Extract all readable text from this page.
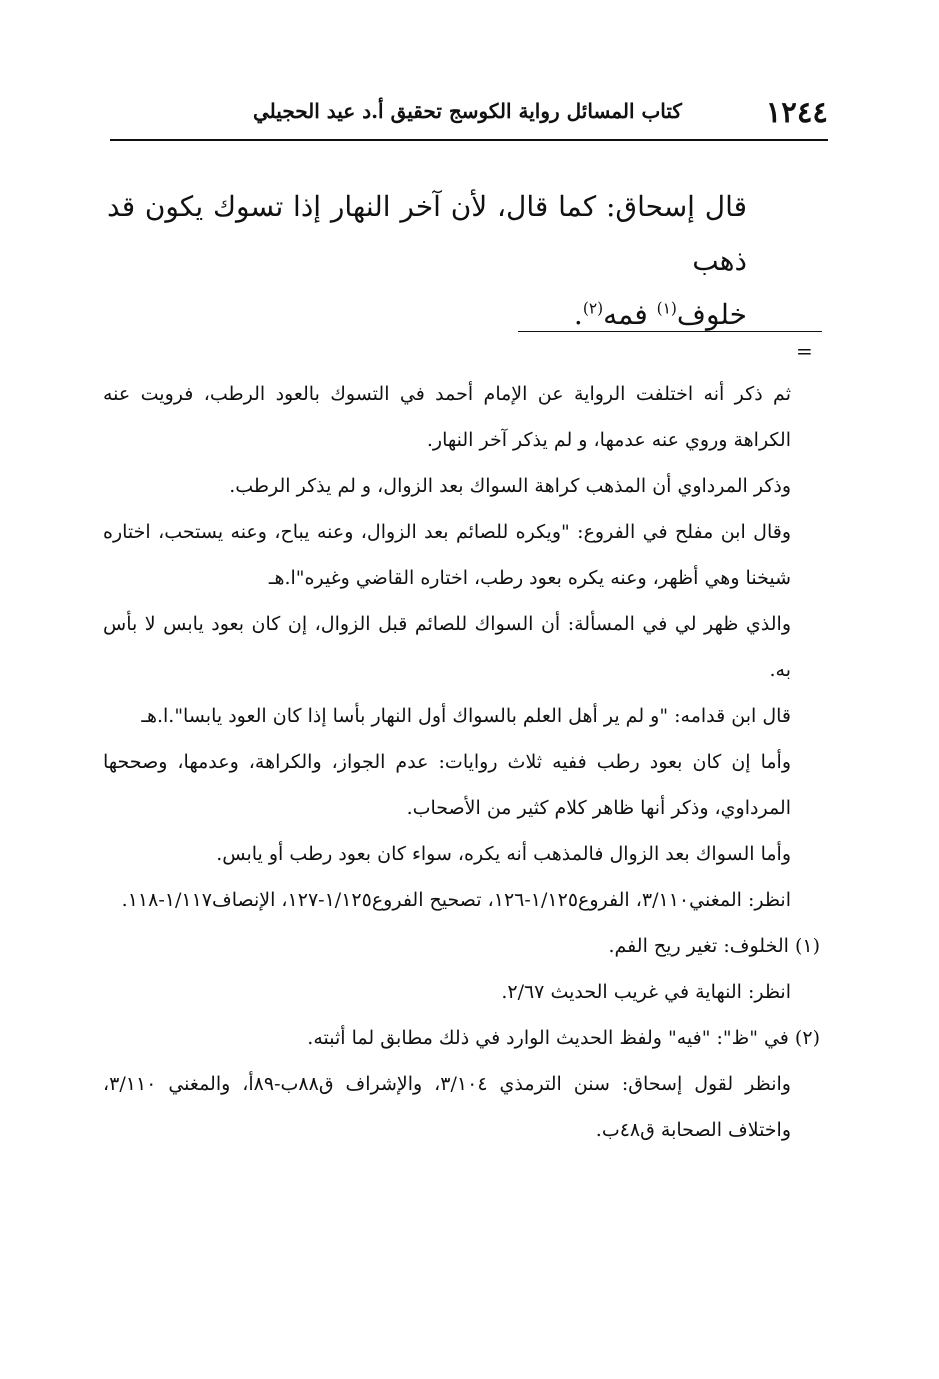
١٢٤٤
كتاب المسائل رواية الكوسج تحقيق أ.د عيد الحجيلي

قال إسحاق: كما قال، لأن آخر النهار إذا تسوك يكون قد ذهب

خلوف$^{(١)}$ فمه$^{(٢)}$.

=

ثم ذكر أنه اختلفت الرواية عن الإمام أحمد في التسوك بالعود الرطب، فرويت عنه الكراهة وروي عنه عدمها، و لم يذكر آخر النهار.

وذكر المرداوي أن المذهب كراهة السواك بعد الزوال، و لم يذكر الرطب.

وقال ابن مفلح في الفروع: "ويكره للصائم بعد الزوال، وعنه يباح، وعنه يستحب، اختاره شيخنا وهي أظهر، وعنه يكره بعود رطب، اختاره القاضي وغيره"ا.هـ

والذي ظهر لي في المسألة: أن السواك للصائم قبل الزوال، إن كان بعود يابس لا بأس به.

قال ابن قدامه: "و لم ير أهل العلم بالسواك أول النهار بأسا إذا كان العود يابسا".ا.هـ

وأما إن كان بعود رطب ففيه ثلاث روايات: عدم الجواز، والكراهة، وعدمها، وصححها المرداوي، وذكر أنها ظاهر كلام كثير من الأصحاب.

وأما السواك بعد الزوال فالمذهب أنه يكره، سواء كان بعود رطب أو يابس.

انظر: المغني٣/١١٠، الفروع١/١٢٥-١٢٦، تصحيح الفروع١/١٢٥-١٢٧، الإنصاف١/١١٧-١١٨.

(١) الخلوف: تغير ريح الفم.

انظر: النهاية في غريب الحديث ٢/٦٧.

(٢) في "ظ": "فيه" ولفظ الحديث الوارد في ذلك مطابق لما أثبته.

وانظر لقول إسحاق: سنن الترمذي ٣/١٠٤، والإشراف ق٨٨ب-٨٩أ، والمغني ٣/١١٠، واختلاف الصحابة ق٤٨ب.
